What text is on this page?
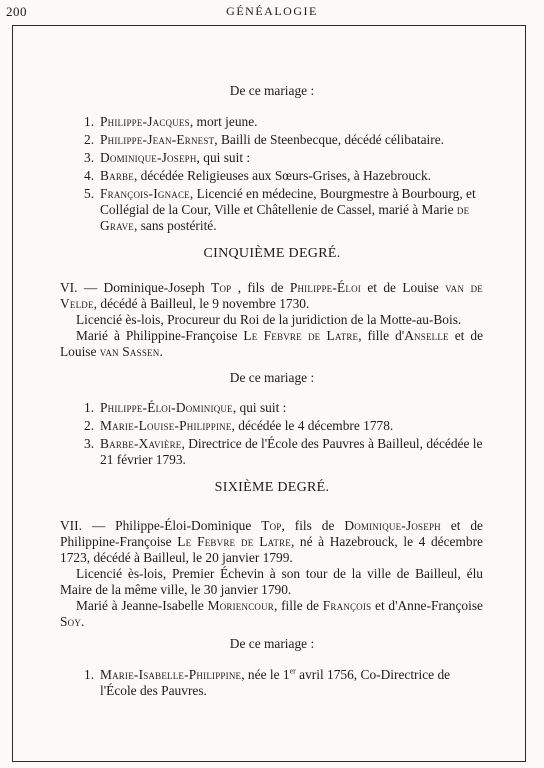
200	GÉNÉALOGIE
De ce mariage :
1. Philippe-Jacques, mort jeune.
2. Philippe-Jean-Ernest, Bailli de Steenbecque, décédé célibataire.
3. Dominique-Joseph, qui suit :
4. Barbe, décédée Religieuses aux Sœurs-Grises, à Hazebrouck.
5. François-Ignace, Licencié en médecine, Bourgmestre à Bourbourg, et Collégial de la Cour, Ville et Châtellenie de Cassel, marié à Marie de Grave, sans postérité.
CINQUIÈME DEGRÉ.

VI. — Dominique-Joseph Top , fils de Philippe-Éloi et de Louise van de Velde, décédé à Bailleul, le 9 novembre 1730.

Licencié ès-lois, Procureur du Roi de la juridiction de la Motte-au-Bois.

Marié à Philippine-Françoise Le Febvre de Latre, fille d'Anselle et de Louise van Sassen.

De ce mariage :
1. Philippe-Éloi-Dominique, qui suit :
2. Marie-Louise-Philippine, décédée le 4 décembre 1778.
3. Barbe-Xavière, Directrice de l'École des Pauvres à Bailleul, décédée le 21 février 1793.
SIXIÈME DEGRÉ.

VII. — Philippe-Éloi-Dominique Top, fils de Dominique-Joseph et de Philippine-Françoise Le Febvre de Latre, né à Hazebrouck, le 4 décembre 1723, décédé à Bailleul, le 20 janvier 1799.

Licencié ès-lois, Premier Échevin à son tour de la ville de Bailleul, élu Maire de la même ville, le 30 janvier 1790.

Marié à Jeanne-Isabelle Moriencour, fille de François et d'Anne-Françoise Soy.

De ce mariage :
1. Marie-Isabelle-Philippine, née le 1er avril 1756, Co-Directrice de l'École des Pauvres.
